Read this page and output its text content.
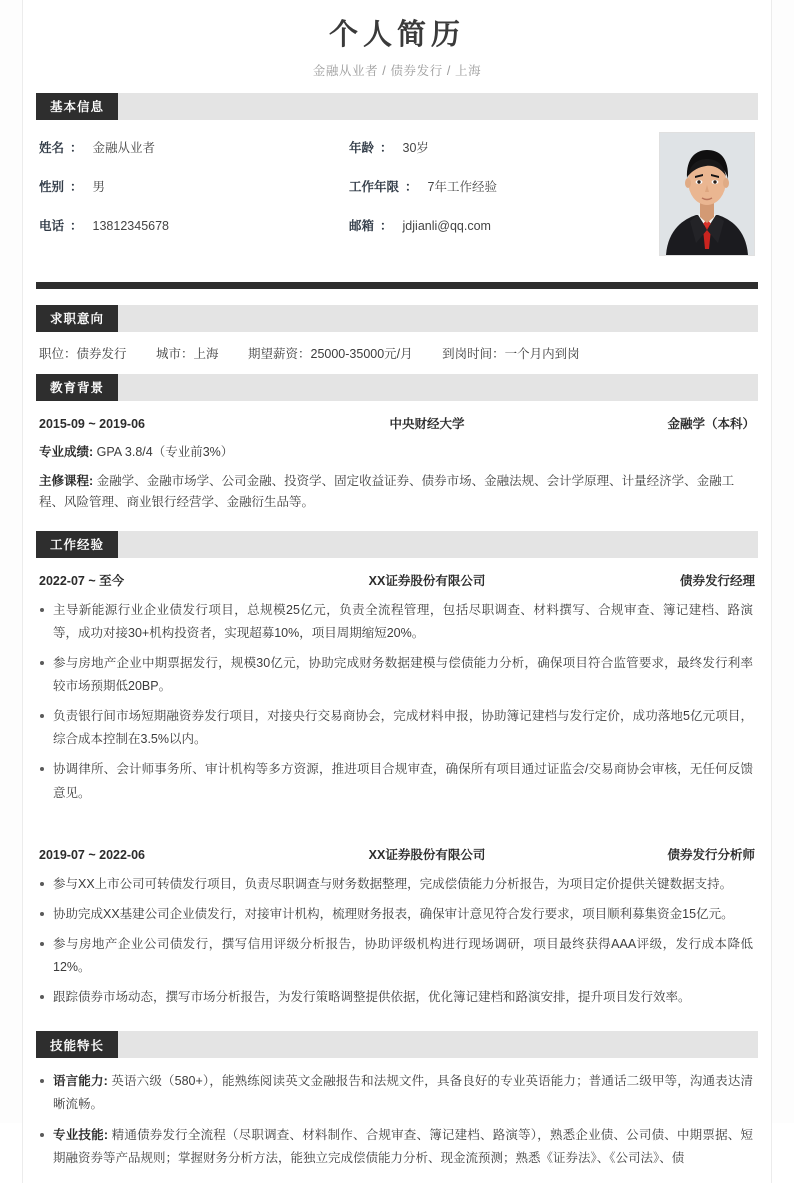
个人简历
金融从业者 / 债券发行 / 上海
基本信息
姓名 ： 金融从业者	年龄 ： 30岁
性别 ： 男	工作年限 ： 7年工作经验
电话 ： 13812345678	邮箱 ： jdjianli@qq.com
求职意向
职位：债券发行 城市：上海 期望薪资：25000-35000元/月 到岗时间：一个月内到岗
教育背景
2015-09 ~ 2019-06	中央财经大学	金融学（本科）
专业成绩: GPA 3.8/4（专业前3%）
主修课程: 金融学、金融市场学、公司金融、投资学、固定收益证券、债券市场、金融法规、会计学原理、计量经济学、金融工程、风险管理、商业银行经营学、金融衍生品等。
工作经验
2022-07 ~ 至今	XX证券股份有限公司	债券发行经理
主导新能源行业企业债发行项目，总规模25亿元，负责全流程管理，包括尽职调查、材料撰写、合规审查、簿记建档、路演等，成功对接30+机构投资者，实现超募10%，项目周期缩短20%。
参与房地产企业中期票据发行，规模30亿元，协助完成财务数据建模与偿债能力分析，确保项目符合监管要求，最终发行利率较市场预期低20BP。
负责银行间市场短期融资券发行项目，对接央行交易商协会，完成材料申报，协助簿记建档与发行定价，成功落地5亿元项目，综合成本控制在3.5%以内。
协调律所、会计师事务所、审计机构等多方资源，推进项目合规审查，确保所有项目通过证监会/交易商协会审核，无任何反馈意见。
2019-07 ~ 2022-06	XX证券股份有限公司	债券发行分析师
参与XX上市公司可转债发行项目，负责尽职调查与财务数据整理，完成偿债能力分析报告，为项目定价提供关键数据支持。
协助完成XX基建公司企业债发行，对接审计机构，梳理财务报表，确保审计意见符合发行要求，项目顺利募集资金15亿元。
参与房地产企业公司债发行，撰写信用评级分析报告，协助评级机构进行现场调研，项目最终获得AAA评级，发行成本降低12%。
跟踪债券市场动态，撰写市场分析报告，为发行策略调整提供依据，优化簿记建档和路演安排，提升项目发行效率。
技能特长
语言能力: 英语六级（580+），能熟练阅读英文金融报告和法规文件，具备良好的专业英语能力；普通话二级甲等，沟通表达清晰流畅。
专业技能: 精通债券发行全流程（尽职调查、材料制作、合规审查、簿记建档、路演等），熟悉企业债、公司债、中期票据、短期融资券等产品规则；掌握财务分析方法，能独立完成偿债能力分析、现金流预测；熟悉《证券法》、《公司法》、债
